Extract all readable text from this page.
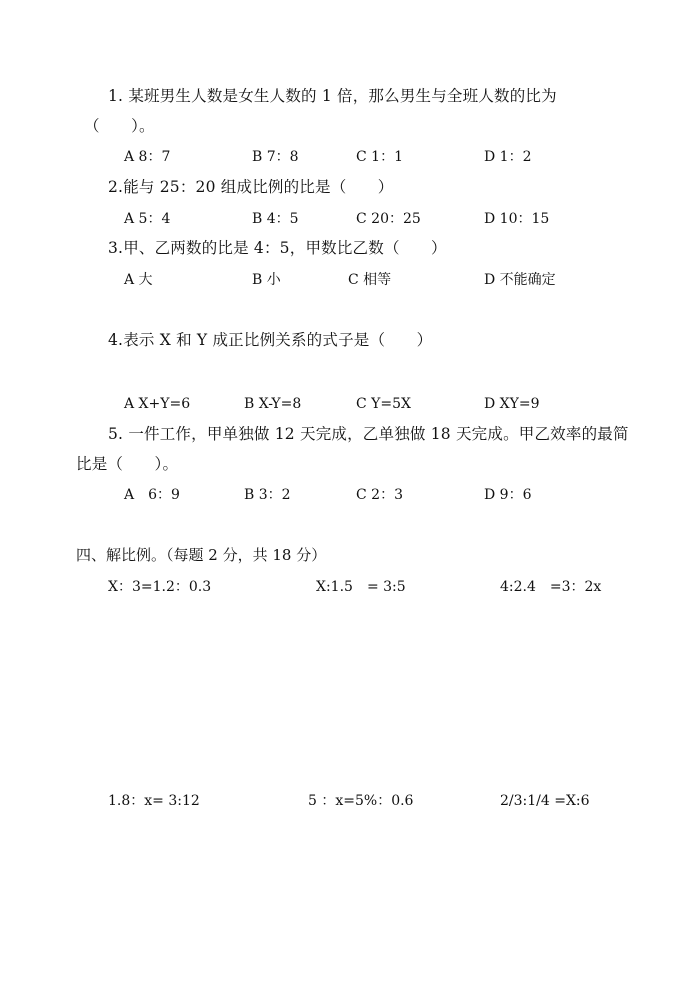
1. 某班男生人数是女生人数的 1 倍，那么男生与全班人数的比为
（　　）。
A 8：7	B 7：8	C 1：1	D 1：2
2.能与 25：20 组成比例的比是（　　）
A 5：4	B 4：5	C 20：25	D 10：15
3.甲、乙两数的比是 4：5，甲数比乙数（　　）
A 大	B 小	C 相等	D 不能确定
4.表示 X 和 Y 成正比例关系的式子是（　　）
A X+Y=6	B X-Y=8	C Y=5X	D XY=9
5. 一件工作，甲单独做 12 天完成，乙单独做 18 天完成。甲乙效率的最简
比是（　　）。
A　6：9	B 3：2	C 2：3	D 9：6
四、解比例。（每题 2 分，共 18 分）
X：3=1.2：0.3	X:1.5　= 3:5	4:2.4　=3：2x
1.8：x= 3:12	5 ：x=5%：0.6	2/3:1/4 =X:6
